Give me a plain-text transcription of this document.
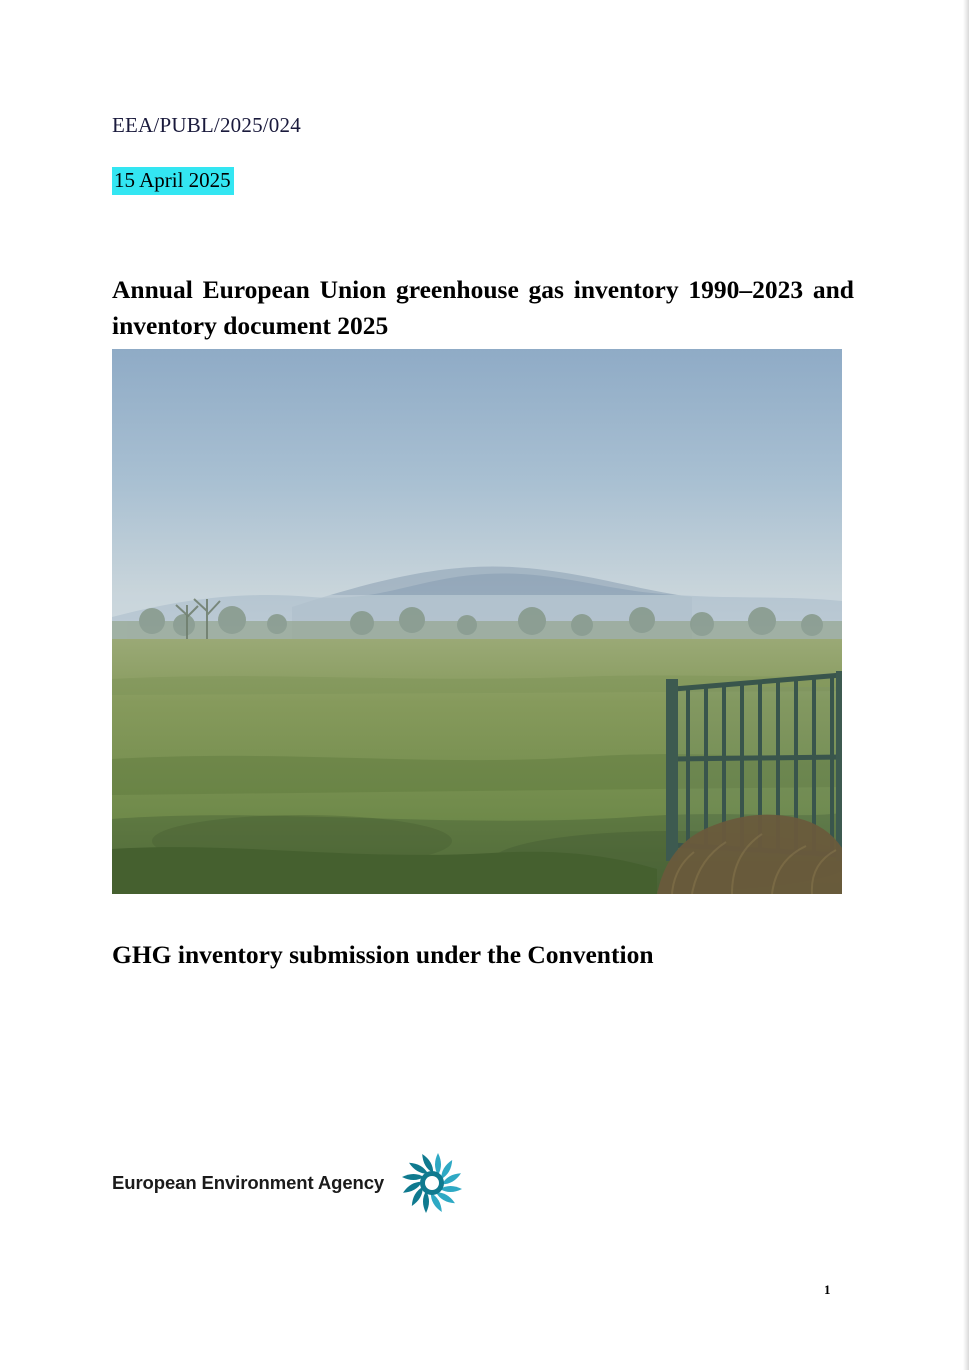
EEA/PUBL/2025/024
15 April 2025
Annual European Union greenhouse gas inventory 1990–2023 and inventory document 2025
GHG inventory submission under the Convention
European Environment Agency
1
